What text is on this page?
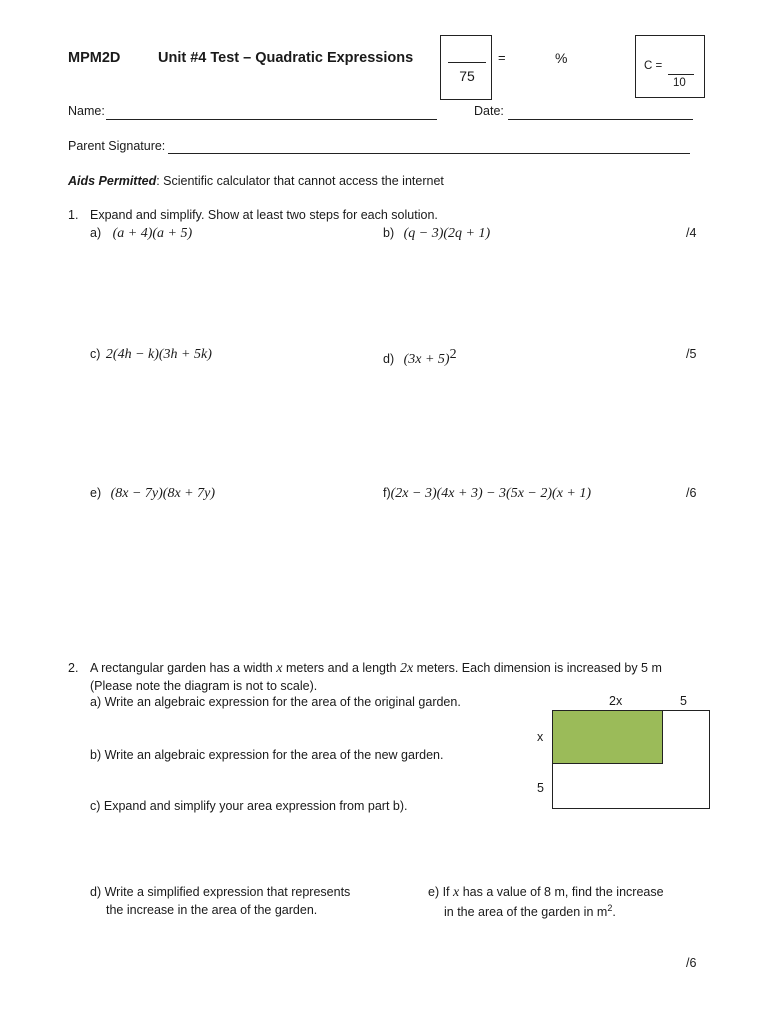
MPM2D	Unit #4 Test – Quadratic Expressions
75
=	%	C =
10
Name:	Date:
Parent Signature:
Aids Permitted: Scientific calculator that cannot access the internet
1. Expand and simplify. Show at least two steps for each solution.
a) (a + 4)(a + 5)	b) (q − 3)(2q + 1)	/4
c) 2(4h − k)(3h + 5k)	d) $(3x + 5)^2$	/5
e) (8x − 7y)(8x + 7y)	f)(2x − 3)(4x + 3) − 3(5x − 2)(x + 1)	/6
2. A rectangular garden has a width x meters and a length 2x meters. Each dimension is increased by 5 m
(Please note the diagram is not to scale).
a) Write an algebraic expression for the area of the original garden.
b) Write an algebraic expression for the area of the new garden.
c) Expand and simplify your area expression from part b).
2x	5
x
5
d) Write a simplified expression that represents
the increase in the area of the garden.
e) If x has a value of 8 m, find the increase
in the area of the garden in $m^2$.
/6
